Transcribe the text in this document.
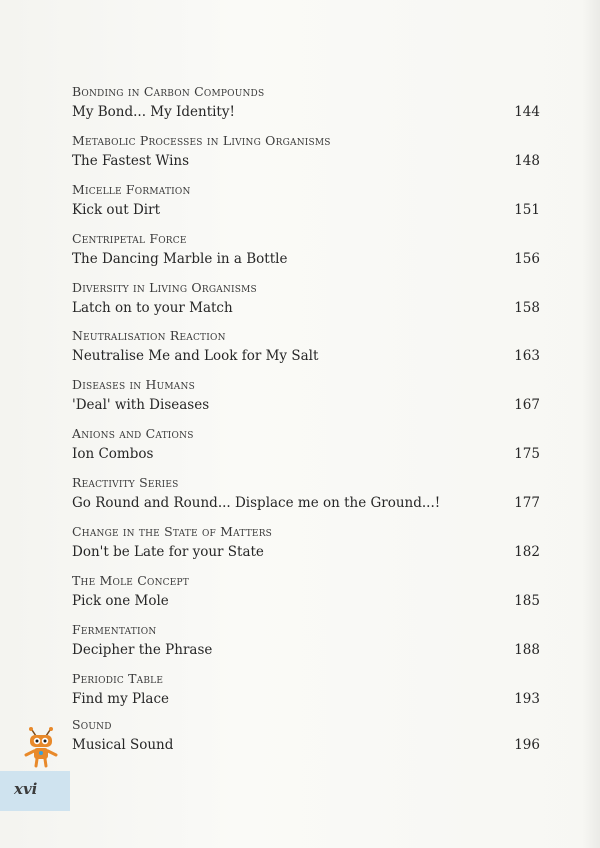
Bonding in Carbon Compounds
My Bond... My Identity!	144
Metabolic Processes in Living Organisms
The Fastest Wins	148
Micelle Formation
Kick out Dirt	151
Centripetal Force
The Dancing Marble in a Bottle	156
Diversity in Living Organisms
Latch on to your Match	158
Neutralisation Reaction
Neutralise Me and Look for My Salt	163
Diseases in Humans
'Deal' with Diseases	167
Anions and Cations
Ion Combos	175
Reactivity Series
Go Round and Round... Displace me on the Ground...!	177
Change in the State of Matters
Don't be Late for your State	182
The Mole Concept
Pick one Mole	185
Fermentation
Decipher the Phrase	188
Periodic Table
Find my Place	193
Sound
Musical Sound	196
xvi
